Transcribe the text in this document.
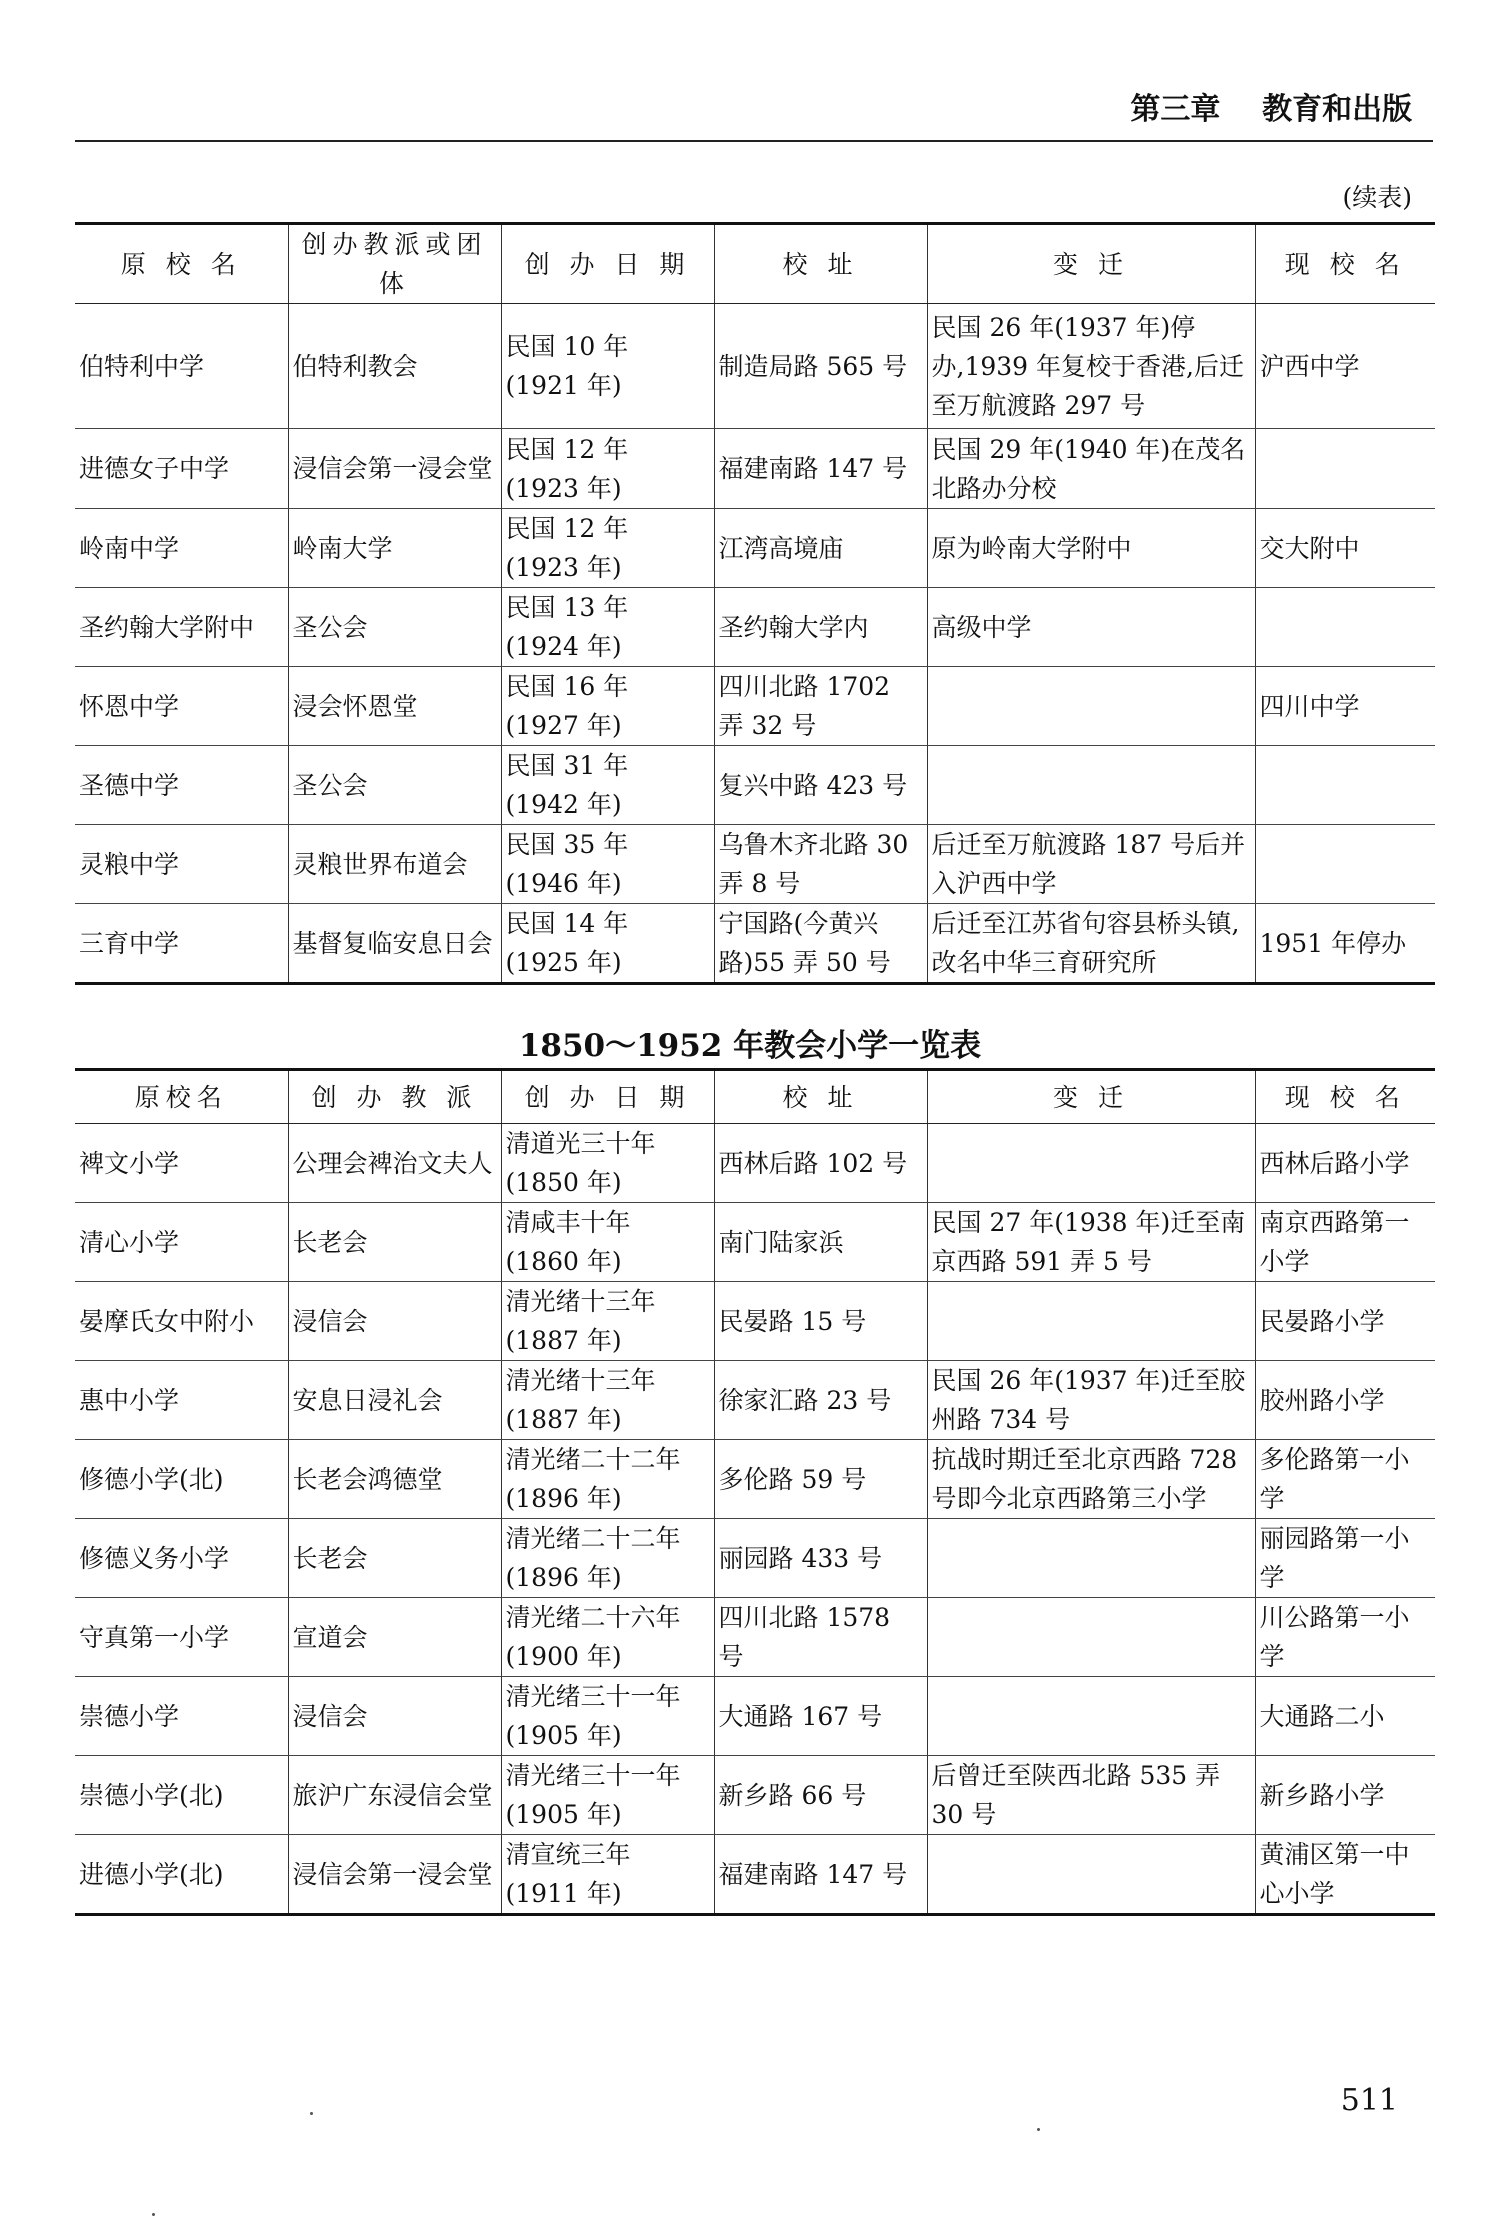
第三章 教育和出版
(续表)
原 校 名	创办教派或团体	创 办 日 期	校 址	变 迁	现 校 名
伯特利中学	伯特利教会	民国 10 年 (1921 年)	制造局路 565 号	民国 26 年(1937 年)停办,1939 年复校于香港,后迁至万航渡路 297 号	沪西中学
进德女子中学	浸信会第一浸会堂	民国 12 年 (1923 年)	福建南路 147 号	民国 29 年(1940 年)在茂名北路办分校	
岭南中学	岭南大学	民国 12 年 (1923 年)	江湾高境庙	原为岭南大学附中	交大附中
圣约翰大学附中	圣公会	民国 13 年 (1924 年)	圣约翰大学内	高级中学	
怀恩中学	浸会怀恩堂	民国 16 年 (1927 年)	四川北路 1702 弄 32 号		四川中学
圣德中学	圣公会	民国 31 年 (1942 年)	复兴中路 423 号		
灵粮中学	灵粮世界布道会	民国 35 年 (1946 年)	乌鲁木齐北路 30 弄 8 号	后迁至万航渡路 187 号后并入沪西中学	
三育中学	基督复临安息日会	民国 14 年 (1925 年)	宁国路(今黄兴路)55 弄 50 号	后迁至江苏省句容县桥头镇,改名中华三育研究所	1951 年停办
1850～1952 年教会小学一览表
原校名	创 办 教 派	创 办 日 期	校 址	变 迁	现 校 名
裨文小学	公理会裨治文夫人	清道光三十年 (1850 年)	西林后路 102 号		西林后路小学
清心小学	长老会	清咸丰十年 (1860 年)	南门陆家浜	民国 27 年(1938 年)迁至南京西路 591 弄 5 号	南京西路第一小学
晏摩氏女中附小	浸信会	清光绪十三年 (1887 年)	民晏路 15 号		民晏路小学
惠中小学	安息日浸礼会	清光绪十三年 (1887 年)	徐家汇路 23 号	民国 26 年(1937 年)迁至胶州路 734 号	胶州路小学
修德小学(北)	长老会鸿德堂	清光绪二十二年 (1896 年)	多伦路 59 号	抗战时期迁至北京西路 728 号即今北京西路第三小学	多伦路第一小学
修德义务小学	长老会	清光绪二十二年 (1896 年)	丽园路 433 号		丽园路第一小学
守真第一小学	宣道会	清光绪二十六年 (1900 年)	四川北路 1578 号		川公路第一小学
崇德小学	浸信会	清光绪三十一年 (1905 年)	大通路 167 号		大通路二小
崇德小学(北)	旅沪广东浸信会堂	清光绪三十一年 (1905 年)	新乡路 66 号	后曾迁至陕西北路 535 弄 30 号	新乡路小学
进德小学(北)	浸信会第一浸会堂	清宣统三年 (1911 年)	福建南路 147 号		黄浦区第一中心小学
511
